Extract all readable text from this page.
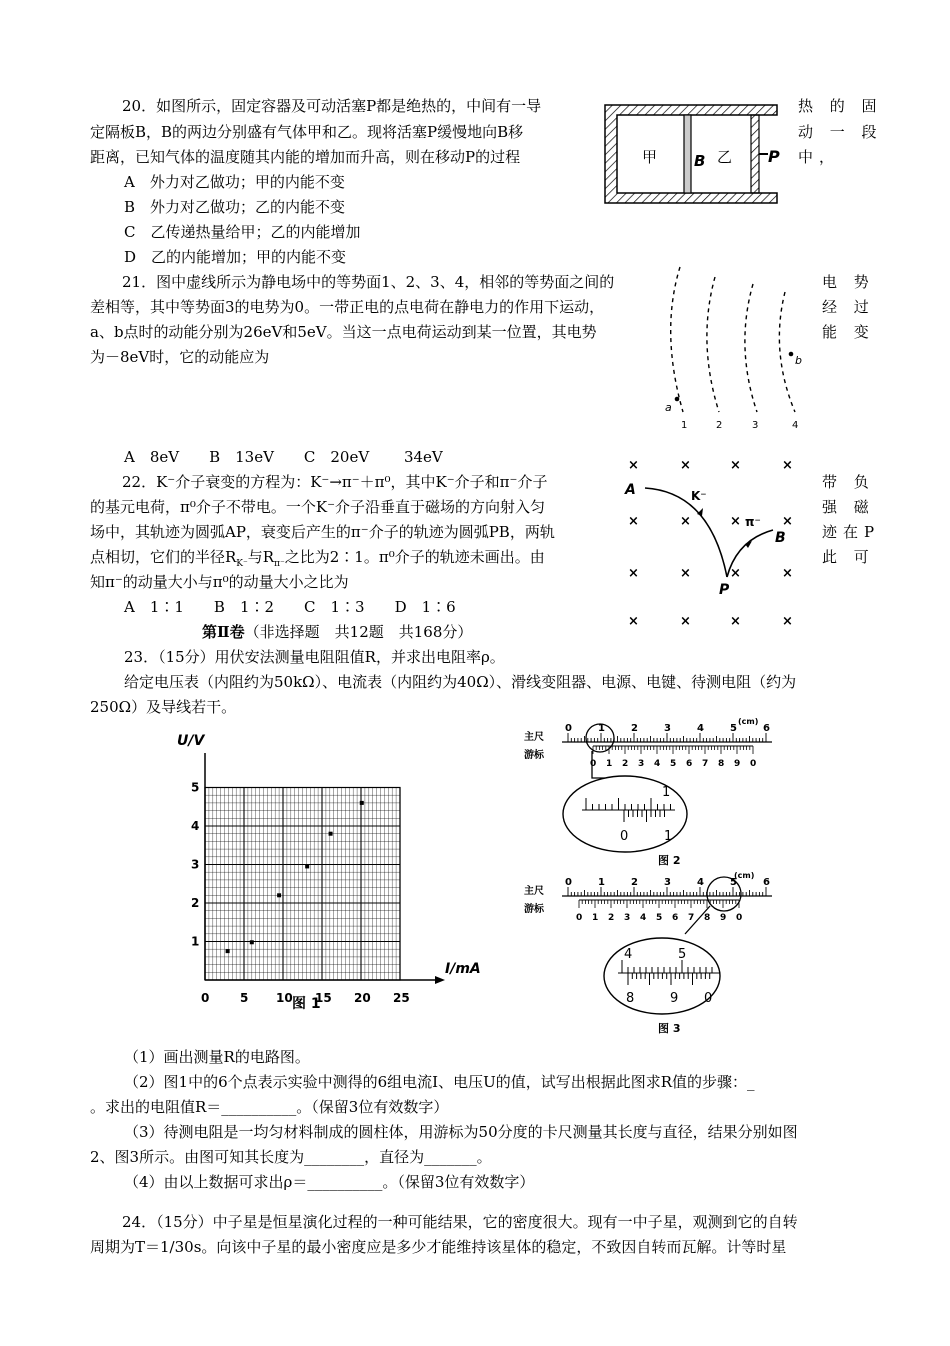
20．如图所示，固定容器及可动活塞P都是绝热的，中间有一导	热 的 固
定隔板B，B的两边分别盛有气体甲和乙。现将活塞P缓慢地向B移	动 一 段
距离，已知气体的温度随其内能的增加而升高，则在移动P的过程	中，
A　外力对乙做功；甲的内能不变
B　外力对乙做功；乙的内能不变
C　乙传递热量给甲；乙的内能增加
D　乙的内能增加；甲的内能不变
甲 B 乙 P
21．图中虚线所示为静电场中的等势面1、2、3、4，相邻的等势面之间的	电 势
差相等，其中等势面3的电势为0。一带正电的点电荷在静电力的作用下运动，	经 过
a、b点时的动能分别为26eV和5eV。当这一点电荷运动到某一位置，其电势	能 变
为－8eV时，它的动能应为
A　8eV　　B　13eV　　C　20eV　　 34eV
a
b
1	2	3	4
22．K⁻介子衰变的方程为：K⁻→π⁻＋π⁰，其中K⁻介子和π⁻介子	带 负
的基元电荷，π⁰介子不带电。一个K⁻介子沿垂直于磁场的方向射入匀	强 磁
场中，其轨迹为圆弧AP，衰变后产生的π⁻介子的轨迹为圆弧PB，两轨	迹在P
点相切，它们的半径$R_{K^-}$与$R_{\pi^-}$之比为2∶1。π⁰介子的轨迹未画出。由	此 可
知π⁻的动量大小与π⁰的动量大小之比为
A　1∶1　　B　1∶2　　C　1∶3　　D　1∶6
×	×	×	×
×	×	×	×
×	×	×	×
×	×	×	×
A	K⁻
π⁻
B
P
第Ⅱ卷（非选择题　共12题　共168分）
23．（15分）用伏安法测量电阻阻值R，并求出电阻率ρ。
给定电压表（内阻约为50kΩ）、电流表（内阻约为40Ω）、滑线变阻器、电源、电键、待测电阻（约为
250Ω）及导线若干。
0	5 10 15 20 25
1
2
3
4
5
U/V
I/mA
图 1
主尺
游标
(cm)
0	1	2	3	4	5	6
0 1 2 3 4 5 6 7 8 9 0
1
0	1
图 2
主尺
游标
(cm)
0	1	2	3	4	5	6
0 1 2 3 4 5 6 7 8 9 0
4	5
8	9 0
图 3
（1）画出测量R的电路图。
（2）图1中的6个点表示实验中测得的6组电流I、电压U的值，试写出根据此图求R值的步骤：_
。求出的电阻值R＝__________。（保留3位有效数字）
（3）待测电阻是一均匀材料制成的圆柱体，用游标为50分度的卡尺测量其长度与直径，结果分别如图
2、图3所示。由图可知其长度为________，直径为_______。
（4）由以上数据可求出ρ＝__________。（保留3位有效数字）
24．（15分）中子星是恒星演化过程的一种可能结果，它的密度很大。现有一中子星，观测到它的自转
周期为T＝1/30s。向该中子星的最小密度应是多少才能维持该星体的稳定，不致因自转而瓦解。计等时星
